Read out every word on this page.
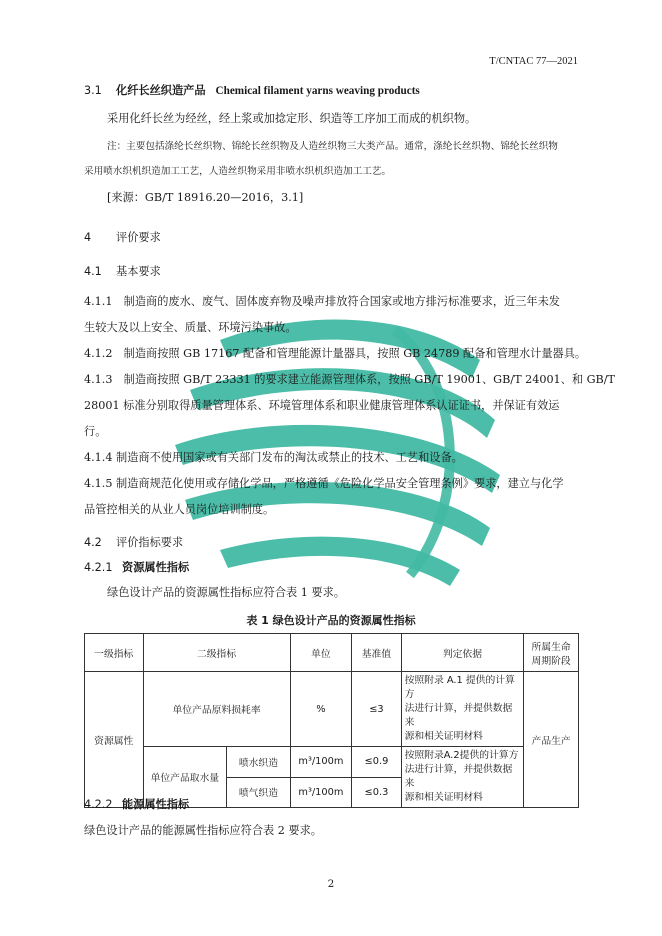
T/CNTAC 77—2021
3.1 化纤长丝织造产品 Chemical filament yarns weaving products
采用化纤长丝为经丝，经上浆或加捻定形、织造等工序加工而成的机织物。
注：主要包括涤纶长丝织物、锦纶长丝织物及人造丝织物三大类产品。通常，涤纶长丝织物、锦纶长丝织物
采用喷水织机织造加工工艺，人造丝织物采用非喷水织机织造加工工艺。
[来源：GB/T 18916.20—2016，3.1]
4 评价要求
4.1 基本要求
4.1.1　制造商的废水、废气、固体废弃物及噪声排放符合国家或地方排污标准要求，近三年未发
生较大及以上安全、质量、环境污染事故。
4.1.2　制造商按照 GB 17167 配备和管理能源计量器具，按照 GB 24789 配备和管理水计量器具。
4.1.3　制造商按照 GB/T 23331 的要求建立能源管理体系，按照 GB/T 19001、GB/T 24001、和 GB/T
28001 标准分别取得质量管理体系、环境管理体系和职业健康管理体系认证证书，并保证有效运
行。
4.1.4 制造商不使用国家或有关部门发布的淘汰或禁止的技术、工艺和设备。
4.1.5 制造商规范化使用或存储化学品，严格遵循《危险化学品安全管理条例》要求，建立与化学
品管控相关的从业人员岗位培训制度。
4.2 评价指标要求
4.2.1 资源属性指标
绿色设计产品的资源属性指标应符合表 1 要求。
表 1 绿色设计产品的资源属性指标
一级指标	二级指标		单位	基准值	判定依据	所属生命
周期阶段
资源属性	单位产品原料损耗率		%	≤3	按照附录 A.1 提供的计算方
法进行计算，并提供数据来
源和相关证明材料	产品生产
	单位产品取水量	喷水织造	m³/100m	≤0.9	按照附录A.2提供的计算方
法进行计算，并提供数据来
源和相关证明材料	
		喷气织造	m³/100m	≤0.3		
4.2.2 能源属性指标
绿色设计产品的能源属性指标应符合表 2 要求。
2
